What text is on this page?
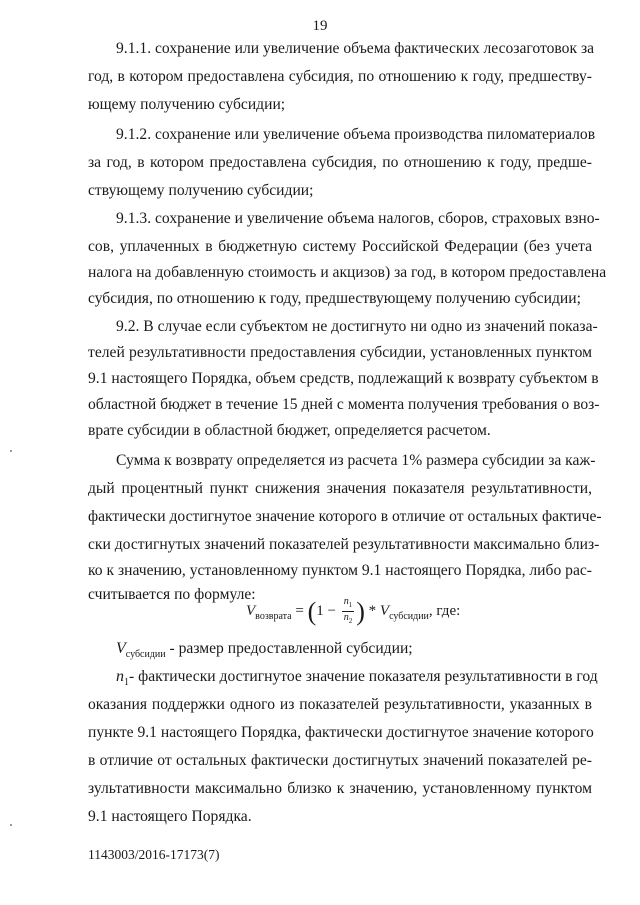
19
9.1.1. сохранение или увеличение объема фактических лесозаготовок за
год, в котором предоставлена субсидия, по отношению к году, предшеству-
ющему получению субсидии;
9.1.2. сохранение или увеличение объема производства пиломатериалов
за год, в котором предоставлена субсидия, по отношению к году, предше-
ствующему получению субсидии;
9.1.3. сохранение и увеличение объема налогов, сборов, страховых взно-
сов, уплаченных в бюджетную систему Российской Федерации (без учета
налога на добавленную стоимость и акцизов) за год, в котором предоставлена
субсидия, по отношению к году, предшествующему получению субсидии;
9.2. В случае если субъектом не достигнуто ни одно из значений показа-
телей результативности предоставления субсидии, установленных пунктом
9.1 настоящего Порядка, объем средств, подлежащий к возврату субъектом в
областной бюджет в течение 15 дней с момента получения требования о воз-
врате субсидии в областной бюджет, определяется расчетом.
Сумма к возврату определяется из расчета 1% размера субсидии за каж-
дый процентный пункт снижения значения показателя результативности,
фактически достигнутое значение которого в отличие от остальных фактиче-
ски достигнутых значений показателей результативности максимально близ-
ко к значению, установленному пунктом 9.1 настоящего Порядка, либо рас-
считывается по формуле:
$V_{возврата} = (1 - \frac{n_1}{n_2}$ ) * $V_{субсидии}$, где:
$V_{субсидии}$ - размер предоставленной субсидии;
$n_1-$ фактически достигнутое значение показателя результативности в год
оказания поддержки одного из показателей результативности, указанных в
пункте 9.1 настоящего Порядка, фактически достигнутое значение которого
в отличие от остальных фактически достигнутых значений показателей ре-
зультативности максимально близко к значению, установленному пунктом
9.1 настоящего Порядка.
1143003/2016-17173(7)
